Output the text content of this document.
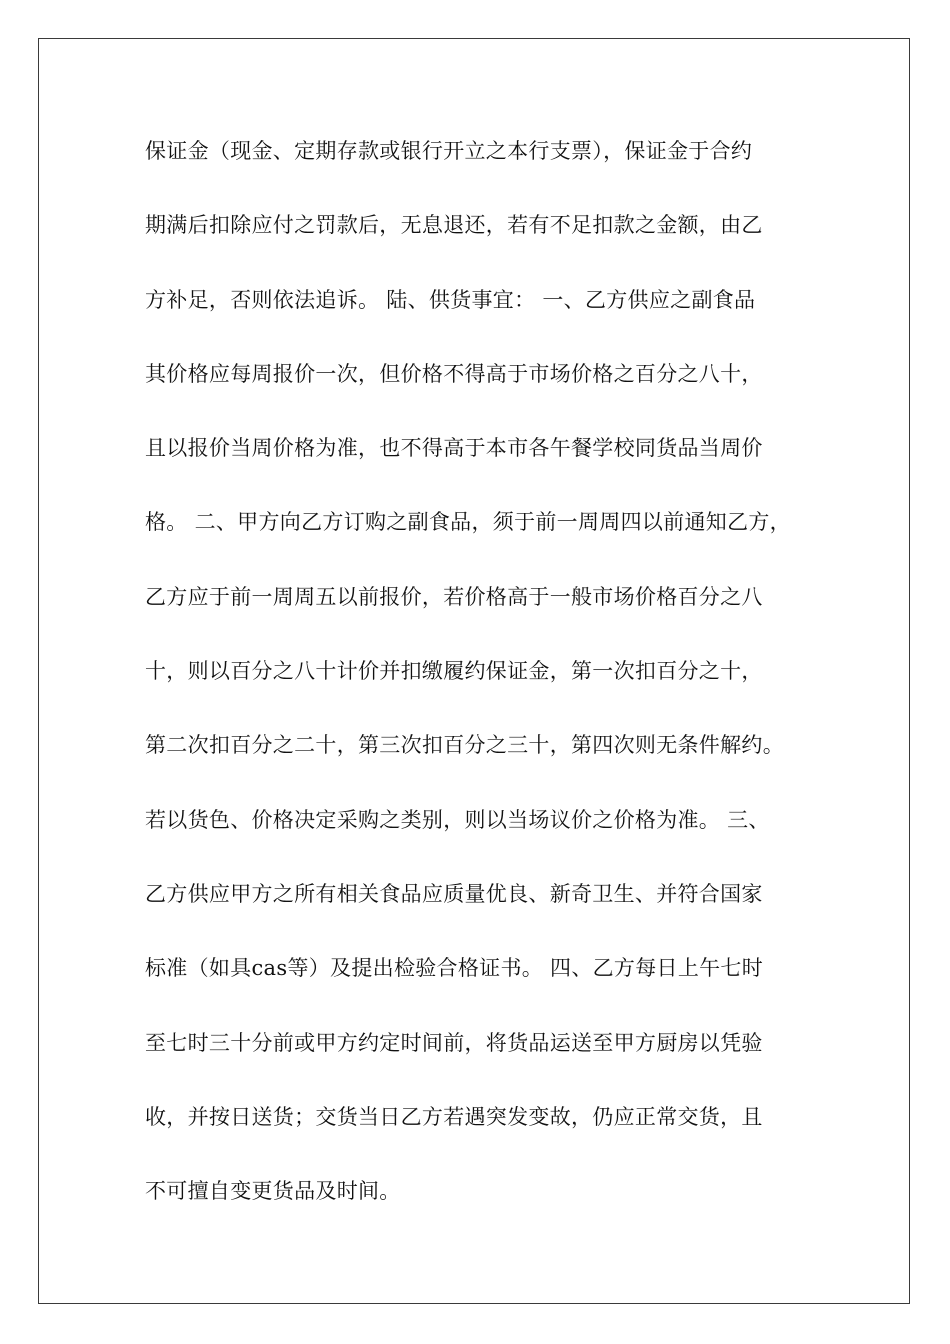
保证金（现金、定期存款或银行开立之本行支票），保证金于合约
期满后扣除应付之罚款后，无息退还，若有不足扣款之金额，由乙
方补足，否则依法追诉。 陆、供货事宜： 一、乙方供应之副食品
其价格应每周报价一次，但价格不得高于市场价格之百分之八十，
且以报价当周价格为准，也不得高于本市各午餐学校同货品当周价
格。 二、甲方向乙方订购之副食品，须于前一周周四以前通知乙方，
乙方应于前一周周五以前报价，若价格高于一般市场价格百分之八
十，则以百分之八十计价并扣缴履约保证金，第一次扣百分之十，
第二次扣百分之二十，第三次扣百分之三十，第四次则无条件解约。
若以货色、价格决定采购之类别，则以当场议价之价格为准。 三、
乙方供应甲方之所有相关食品应质量优良、新奇卫生、并符合国家
标准（如具cas等）及提出检验合格证书。 四、乙方每日上午七时
至七时三十分前或甲方约定时间前，将货品运送至甲方厨房以凭验
收，并按日送货；交货当日乙方若遇突发变故，仍应正常交货，且
不可擅自变更货品及时间。
